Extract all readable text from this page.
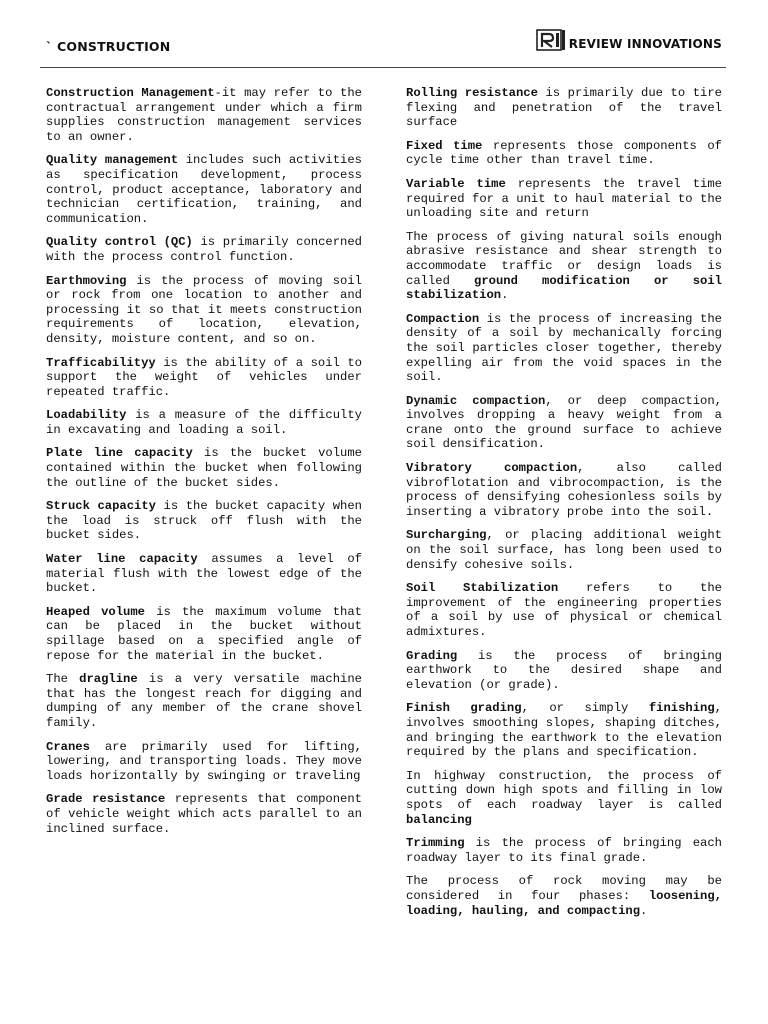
` CONSTRUCTION	REVIEW INNOVATIONS

Construction Management-it may refer to the contractual arrangement under which a firm supplies construction management services to an owner.

Quality management includes such activities as specification development, process control, product acceptance, laboratory and technician certification, training, and communication.

Quality control (QC) is primarily concerned with the process control function.

Earthmoving is the process of moving soil or rock from one location to another and processing it so that it meets construction requirements of location, elevation, density, moisture content, and so on.

Trafficabilityy is the ability of a soil to support the weight of vehicles under repeated traffic.

Loadability is a measure of the difficulty in excavating and loading a soil.

Plate line capacity is the bucket volume contained within the bucket when following the outline of the bucket sides.

Struck capacity is the bucket capacity when the load is struck off flush with the bucket sides.

Water line capacity assumes a level of material flush with the lowest edge of the bucket.

Heaped volume is the maximum volume that can be placed in the bucket without spillage based on a specified angle of repose for the material in the bucket.

The dragline is a very versatile machine that has the longest reach for digging and dumping of any member of the crane shovel family.

Cranes are primarily used for lifting, lowering, and transporting loads. They move loads horizontally by swinging or traveling

Grade resistance represents that component of vehicle weight which acts parallel to an inclined surface.

Rolling resistance is primarily due to tire flexing and penetration of the travel surface

Fixed time represents those components of cycle time other than travel time.

Variable time represents the travel time required for a unit to haul material to the unloading site and return

The process of giving natural soils enough abrasive resistance and shear strength to accommodate traffic or design loads is called ground modification or soil stabilization.

Compaction is the process of increasing the density of a soil by mechanically forcing the soil particles closer together, thereby expelling air from the void spaces in the soil.

Dynamic compaction, or deep compaction, involves dropping a heavy weight from a crane onto the ground surface to achieve soil densification.

Vibratory compaction, also called vibroflotation and vibrocompaction, is the process of densifying cohesionless soils by inserting a vibratory probe into the soil.

Surcharging, or placing additional weight on the soil surface, has long been used to densify cohesive soils.

Soil Stabilization refers to the improvement of the engineering properties of a soil by use of physical or chemical admixtures.

Grading is the process of bringing earthwork to the desired shape and elevation (or grade).

Finish grading, or simply finishing, involves smoothing slopes, shaping ditches, and bringing the earthwork to the elevation required by the plans and specification.

In highway construction, the process of cutting down high spots and filling in low spots of each roadway layer is called balancing

Trimming is the process of bringing each roadway layer to its final grade.

The process of rock moving may be considered in four phases: loosening, loading, hauling, and compacting.
